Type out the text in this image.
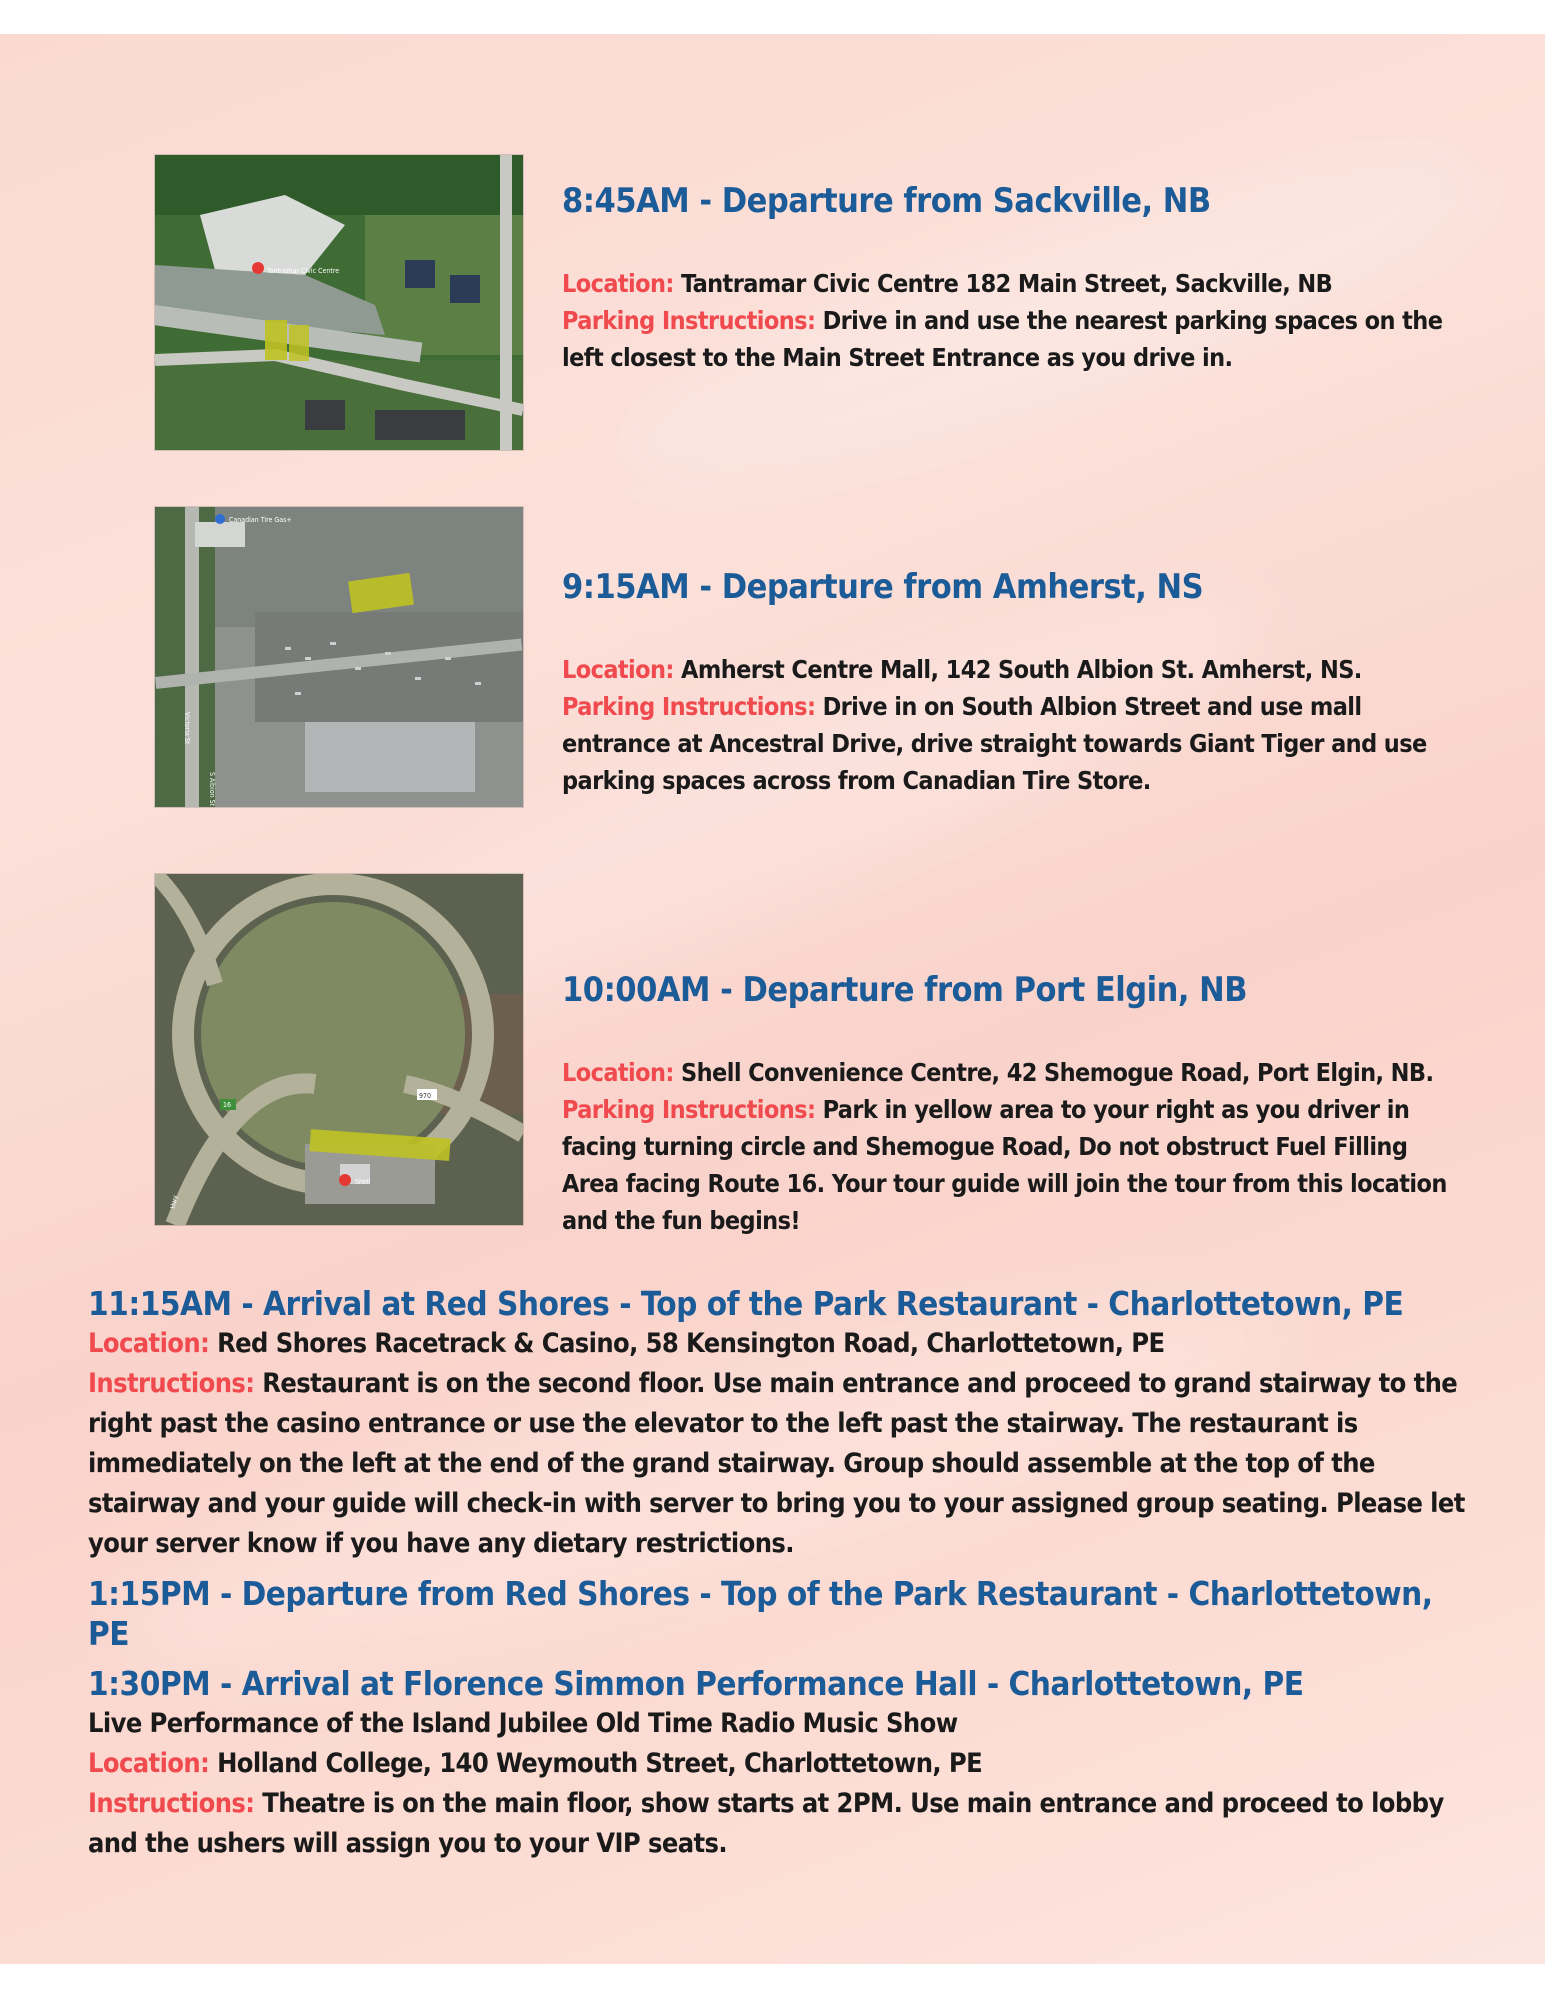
Tantramar Civic Centre
8:45AM - Departure from Sackville, NB

Location: Tantramar Civic Centre 182 Main Street, Sackville, NB

Parking Instructions: Drive in and use the nearest parking spaces on the left closest to the Main Street Entrance as you drive in.

Canadian Tire Gas+
Victoria St
S Albion St
9:15AM - Departure from Amherst, NS

Location: Amherst Centre Mall, 142 South Albion St. Amherst, NS.

Parking Instructions: Drive in on South Albion Street and use mall entrance at Ancestral Drive, drive straight towards Giant Tiger and use parking spaces across from Canadian Tire Store.

16
970
Shell
Hwy
10:00AM - Departure from Port Elgin, NB

Location: Shell Convenience Centre, 42 Shemogue Road, Port Elgin, NB.

Parking Instructions: Park in yellow area to your right as you driver in facing turning circle and Shemogue Road, Do not obstruct Fuel Filling Area facing Route 16. Your tour guide will join the tour from this location and the fun begins!

11:15AM - Arrival at Red Shores - Top of the Park Restaurant - Charlottetown, PE

Location: Red Shores Racetrack & Casino, 58 Kensington Road, Charlottetown, PE

Instructions: Restaurant is on the second floor. Use main entrance and proceed to grand stairway to the right past the casino entrance or use the elevator to the left past the stairway. The restaurant is immediately on the left at the end of the grand stairway. Group should assemble at the top of the stairway and your guide will check-in with server to bring you to your assigned group seating. Please let your server know if you have any dietary restrictions.

1:15PM - Departure from Red Shores - Top of the Park Restaurant - Charlottetown, PE
1:30PM - Arrival at Florence Simmon Performance Hall - Charlottetown, PE

Live Performance of the Island Jubilee Old Time Radio Music Show

Location: Holland College, 140 Weymouth Street, Charlottetown, PE

Instructions: Theatre is on the main floor, show starts at 2PM. Use main entrance and proceed to lobby and the ushers will assign you to your VIP seats.
